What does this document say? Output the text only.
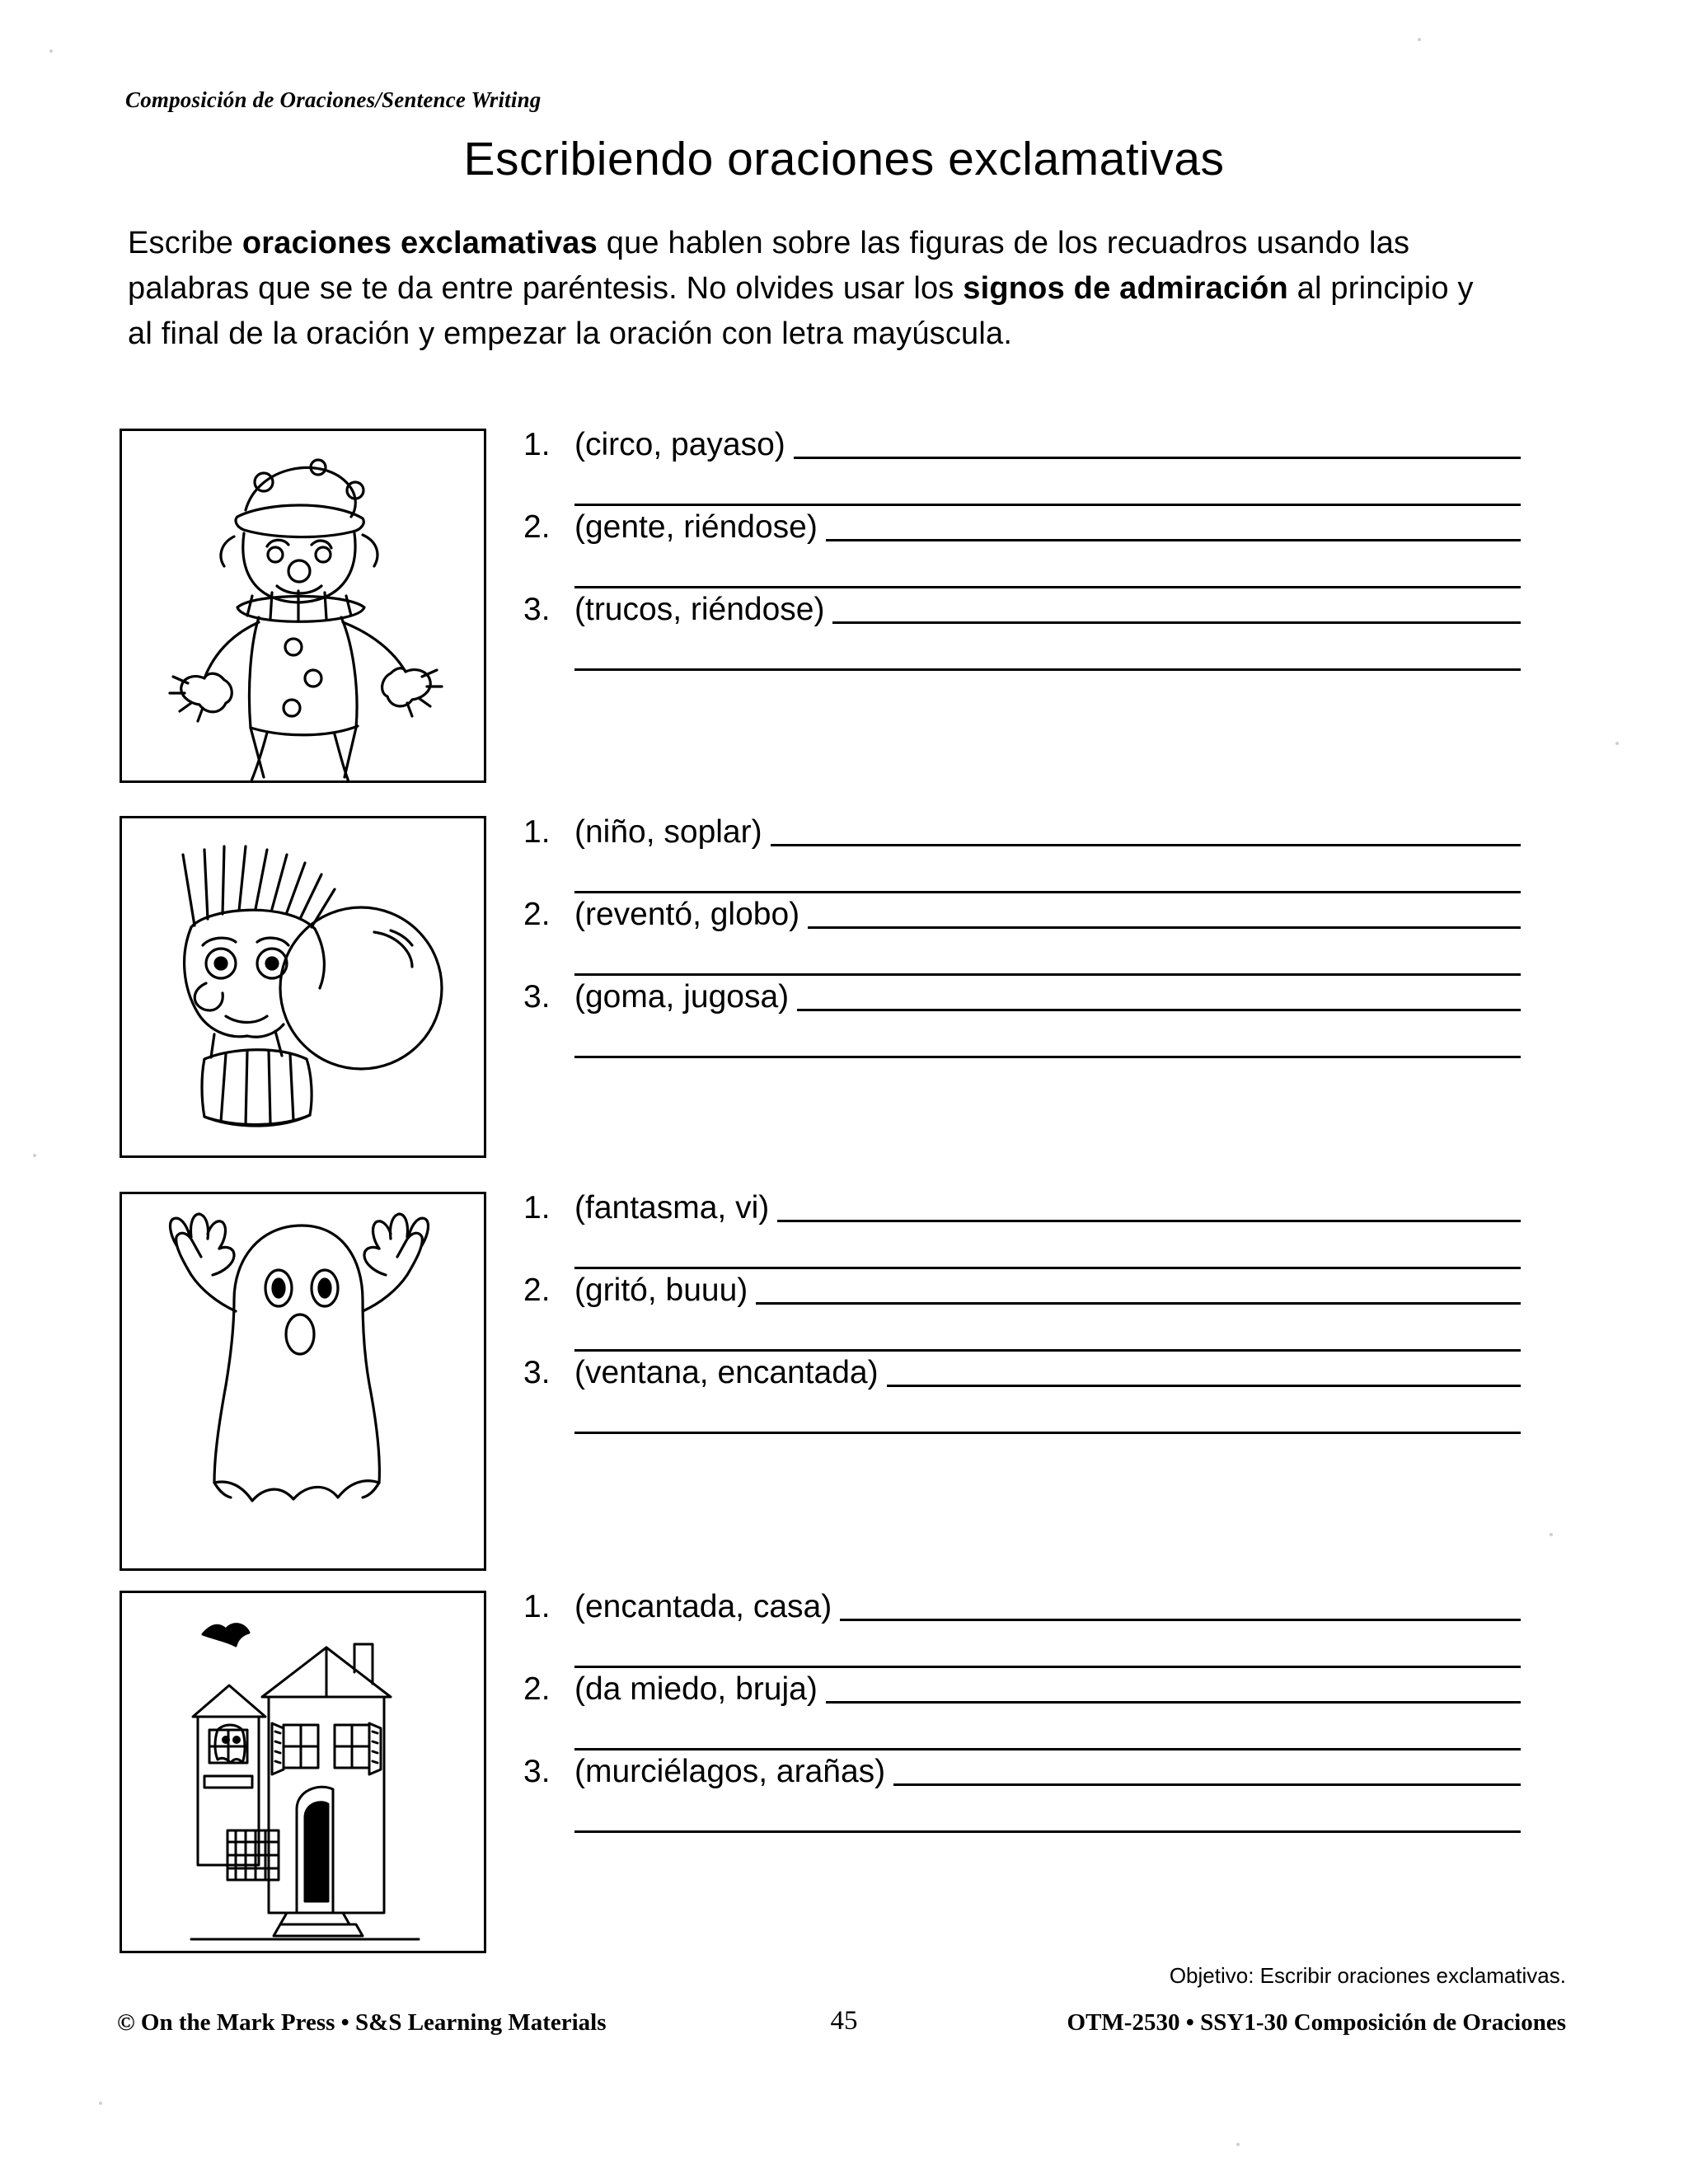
Composición de Oraciones/Sentence Writing
Escribiendo oraciones exclamativas
Escribe oraciones exclamativas que hablen sobre las figuras de los recuadros usando las palabras que se te da entre paréntesis. No olvides usar los signos de admiración al principio y al final de la oración y empezar la oración con letra mayúscula.
1. (circo, payaso)
2. (gente, riéndose)
3. (trucos, riéndose)
1. (niño, soplar)
2. (reventó, globo)
3. (goma, jugosa)
1. (fantasma, vi)
2. (gritó, buuu)
3. (ventana, encantada)
1. (encantada, casa)
2. (da miedo, bruja)
3. (murciélagos, arañas)
Objetivo: Escribir oraciones exclamativas.
© On the Mark Press • S&S Learning Materials	45	OTM-2530 • SSY1-30 Composición de Oraciones
